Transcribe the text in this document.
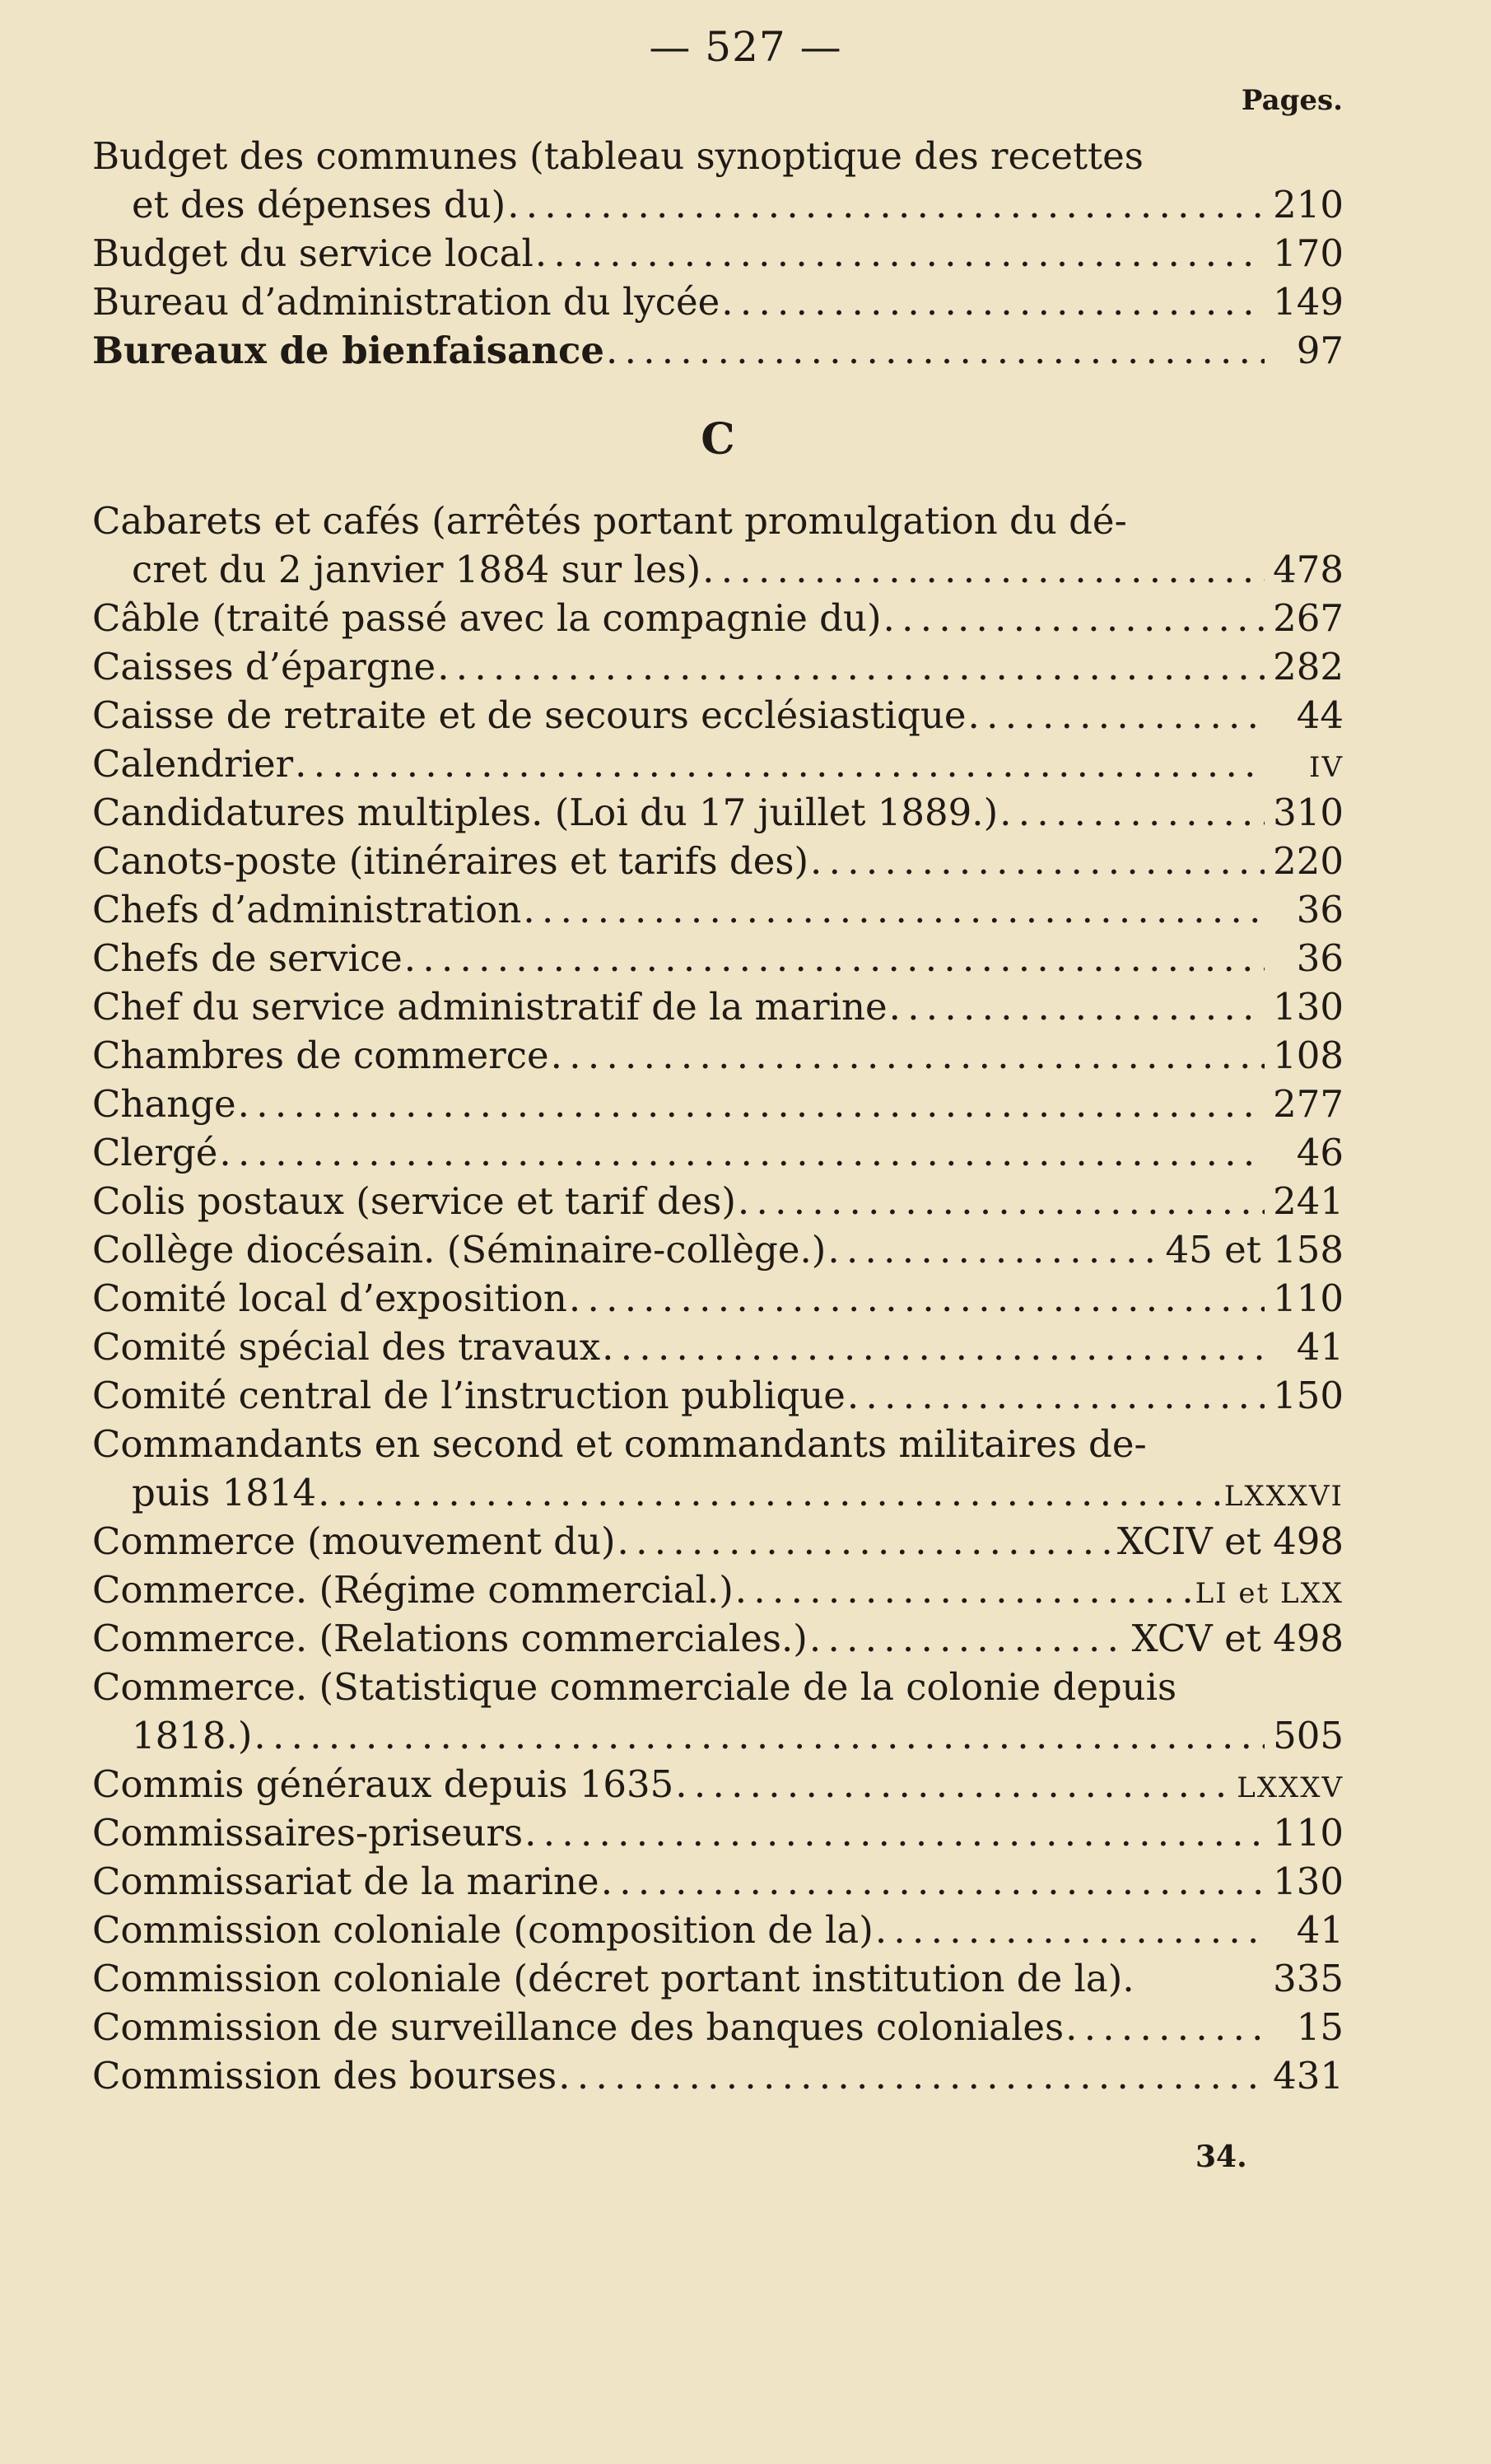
— 527 —
Pages.
Budget des communes (tableau synoptique des recettes
et des dépenses du) . . .	210
Budget du service local . . .	170
Bureau d’administration du lycée . . .	149
Bureaux de bienfaisance . . .	97
C
Cabarets et cafés (arrêtés portant promulgation du dé-
cret du 2 janvier 1884 sur les) . . .	478
Câble (traité passé avec la compagnie du) . . .	267
Caisses d’épargne . . .	282
Caisse de retraite et de secours ecclésiastique . . .	44
Calendrier . . .	IV
Candidatures multiples. (Loi du 17 juillet 1889.) . . .	310
Canots-poste (itinéraires et tarifs des) . . .	220
Chefs d’administration . . .	36
Chefs de service . . .	36
Chef du service administratif de la marine . . .	130
Chambres de commerce . . .	108
Change . . .	277
Clergé . . .	46
Colis postaux (service et tarif des) . . .	241
Collège diocésain. (Séminaire-collège.) . . .	45 et 158
Comité local d’exposition . . .	110
Comité spécial des travaux . . .	41
Comité central de l’instruction publique . . .	150
Commandants en second et commandants militaires de-
puis 1814 . . .	LXXXVI
Commerce (mouvement du) . . .	XCIV et 498
Commerce. (Régime commercial.) . . .	LI et LXX
Commerce. (Relations commerciales.) . . .	XCV et 498
Commerce. (Statistique commerciale de la colonie depuis
1818.) . . .	505
Commis généraux depuis 1635 . . .	LXXXV
Commissaires-priseurs . . .	110
Commissariat de la marine . . .	130
Commission coloniale (composition de la) . . .	41
Commission coloniale (décret portant institution de la).	335
Commission de surveillance des banques coloniales . . .	15
Commission des bourses . . .	431
34.
